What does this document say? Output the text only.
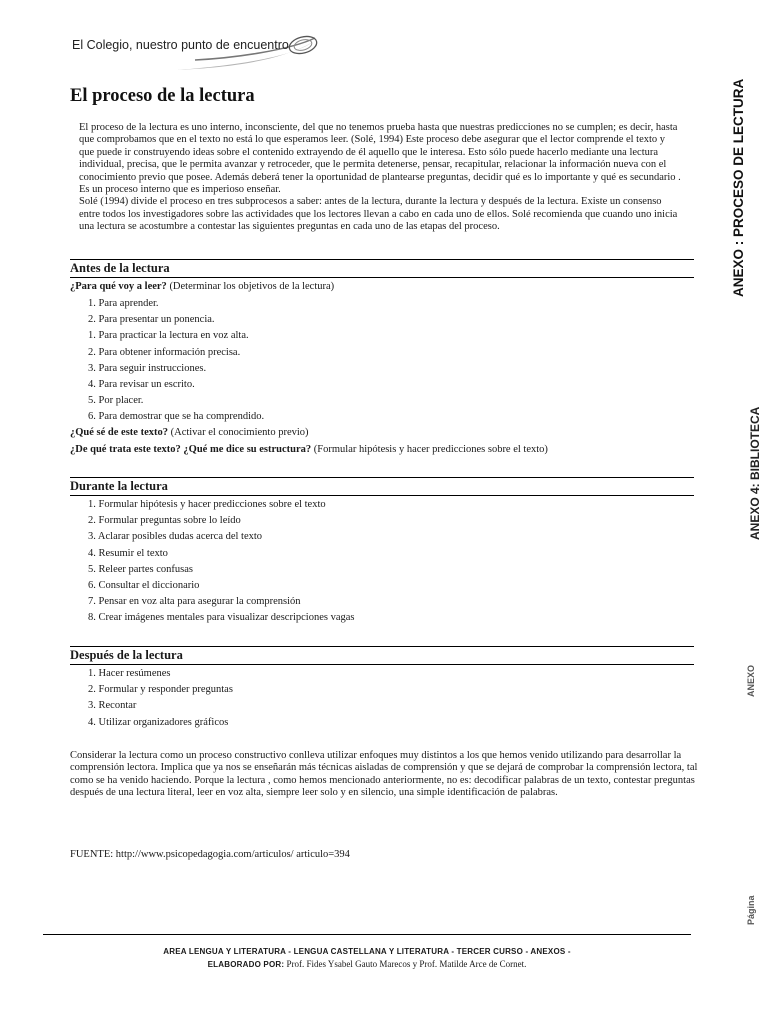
El Colegio, nuestro punto de encuentro
El proceso de la lectura

El proceso de la lectura es uno interno, inconsciente, del que no tenemos prueba hasta que nuestras predicciones no se cumplen; es decir, hasta que comprobamos que en el texto no está lo que esperamos leer. (Solé, 1994) Este proceso debe asegurar que el lector comprende el texto y que puede ir construyendo ideas sobre el contenido extrayendo de él aquello que le interesa. Esto sólo puede hacerlo mediante una lectura individual, precisa, que le permita avanzar y retroceder, que le permita detenerse, pensar, recapitular, relacionar la información nueva con el conocimiento previo que posee. Además deberá tener la oportunidad de plantearse preguntas, decidir qué es lo importante y qué es secundario . Es un proceso interno que es imperioso enseñar.

Solé (1994) divide el proceso en tres subprocesos a saber: antes de la lectura, durante la lectura y después de la lectura. Existe un consenso entre todos los investigadores sobre las actividades que los lectores llevan a cabo en cada uno de ellos. Solé recomienda que cuando uno inicia una lectura se acostumbre a contestar las siguientes preguntas en cada uno de las etapas del proceso.

Antes de la lectura
¿Para qué voy a leer? (Determinar los objetivos de la lectura)
1. Para aprender.
2. Para presentar un ponencia.
1. Para practicar la lectura en voz alta.
2. Para obtener información precisa.
3. Para seguir instrucciones.
4. Para revisar un escrito.
5. Por placer.
6. Para demostrar que se ha comprendido.
¿Qué sé de este texto? (Activar el conocimiento previo)
¿De qué trata este texto? ¿Qué me dice su estructura? (Formular hipótesis y hacer predicciones sobre el texto)
Durante la lectura
1. Formular hipótesis y hacer predicciones sobre el texto
2. Formular preguntas sobre lo leído
3. Aclarar posibles dudas acerca del texto
4. Resumir el texto
5. Releer partes confusas
6. Consultar el diccionario
7. Pensar en voz alta para asegurar la comprensión
8. Crear imágenes mentales para visualizar descripciones vagas
Después de la lectura
1. Hacer resúmenes
2. Formular y responder preguntas
3. Recontar
4. Utilizar organizadores gráficos

Considerar la lectura como un proceso constructivo conlleva utilizar enfoques muy distintos a los que hemos venido utilizando para desarrollar la comprensión lectora. Implica que ya nos se enseñarán más técnicas aisladas de comprensión y que se dejará de comprobar la comprensión lectora, tal como se ha venido haciendo. Porque la lectura , como hemos mencionado anteriormente, no es: decodificar palabras de un texto, contestar preguntas después de una lectura literal, leer en voz alta, siempre leer solo y en silencio, una simple identificación de palabras.

FUENTE: http://www.psicopedagogia.com/articulos/ articulo=394
AREA LENGUA Y LITERATURA - LENGUA CASTELLANA Y LITERATURA - TERCER CURSO - ANEXOS -
ELABORADO POR: Prof. Fides Ysabel Gauto Marecos y Prof. Matilde Arce de Cornet.
ANEXO : PROCESO DE LECTURA
ANEXO 4: BIBLIOTECA
ANEXO
Página
